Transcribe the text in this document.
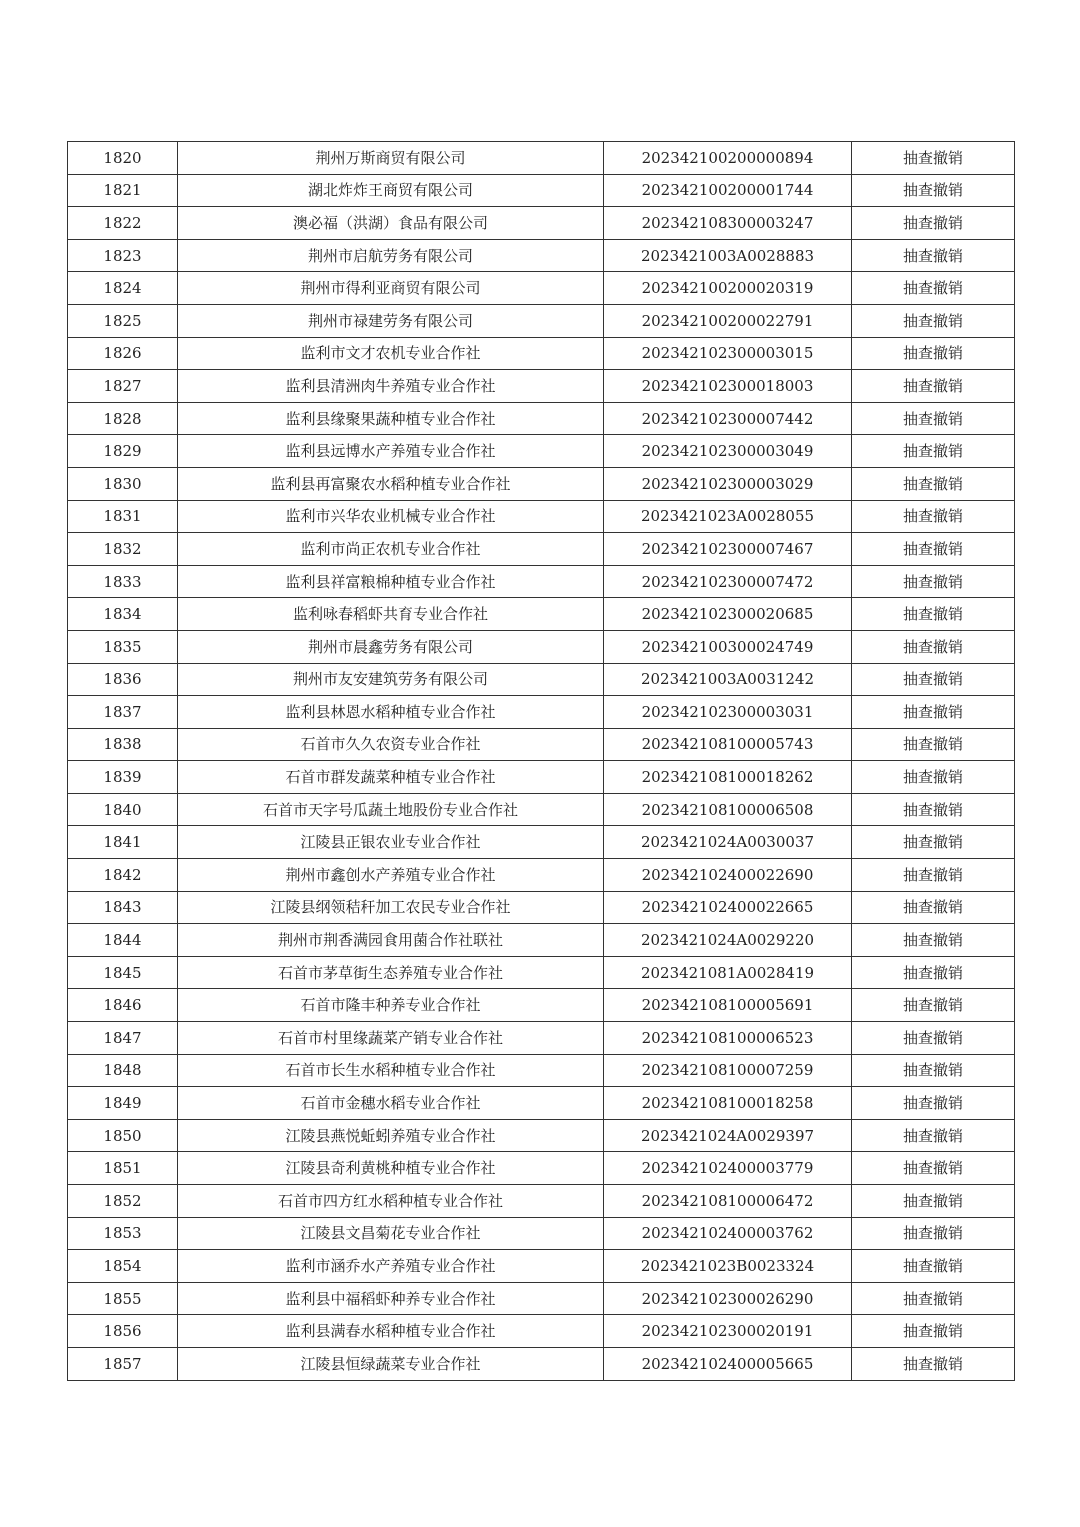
1820	荆州万斯商贸有限公司	202342100200000894	抽查撤销
1821	湖北炸炸王商贸有限公司	202342100200001744	抽查撤销
1822	澳必福（洪湖）食品有限公司	202342108300003247	抽查撤销
1823	荆州市启航劳务有限公司	2023421003A0028883	抽查撤销
1824	荆州市得利亚商贸有限公司	202342100200020319	抽查撤销
1825	荆州市禄建劳务有限公司	202342100200022791	抽查撤销
1826	监利市文才农机专业合作社	202342102300003015	抽查撤销
1827	监利县清洲肉牛养殖专业合作社	202342102300018003	抽查撤销
1828	监利县缘聚果蔬种植专业合作社	202342102300007442	抽查撤销
1829	监利县远博水产养殖专业合作社	202342102300003049	抽查撤销
1830	监利县再富聚农水稻种植专业合作社	202342102300003029	抽查撤销
1831	监利市兴华农业机械专业合作社	2023421023A0028055	抽查撤销
1832	监利市尚正农机专业合作社	202342102300007467	抽查撤销
1833	监利县祥富粮棉种植专业合作社	202342102300007472	抽查撤销
1834	监利咏春稻虾共育专业合作社	202342102300020685	抽查撤销
1835	荆州市晨鑫劳务有限公司	202342100300024749	抽查撤销
1836	荆州市友安建筑劳务有限公司	2023421003A0031242	抽查撤销
1837	监利县林恩水稻种植专业合作社	202342102300003031	抽查撤销
1838	石首市久久农资专业合作社	202342108100005743	抽查撤销
1839	石首市群发蔬菜种植专业合作社	202342108100018262	抽查撤销
1840	石首市天字号瓜蔬土地股份专业合作社	202342108100006508	抽查撤销
1841	江陵县正银农业专业合作社	2023421024A0030037	抽查撤销
1842	荆州市鑫创水产养殖专业合作社	202342102400022690	抽查撤销
1843	江陵县纲领秸秆加工农民专业合作社	202342102400022665	抽查撤销
1844	荆州市荆香满园食用菌合作社联社	2023421024A0029220	抽查撤销
1845	石首市茅草街生态养殖专业合作社	2023421081A0028419	抽查撤销
1846	石首市隆丰种养专业合作社	202342108100005691	抽查撤销
1847	石首市村里缘蔬菜产销专业合作社	202342108100006523	抽查撤销
1848	石首市长生水稻种植专业合作社	202342108100007259	抽查撤销
1849	石首市金穗水稻专业合作社	202342108100018258	抽查撤销
1850	江陵县燕悦蚯蚓养殖专业合作社	2023421024A0029397	抽查撤销
1851	江陵县奇利黄桃种植专业合作社	202342102400003779	抽查撤销
1852	石首市四方红水稻种植专业合作社	202342108100006472	抽查撤销
1853	江陵县文昌菊花专业合作社	202342102400003762	抽查撤销
1854	监利市涵乔水产养殖专业合作社	2023421023B0023324	抽查撤销
1855	监利县中福稻虾种养专业合作社	202342102300026290	抽查撤销
1856	监利县满春水稻种植专业合作社	202342102300020191	抽查撤销
1857	江陵县恒绿蔬菜专业合作社	202342102400005665	抽查撤销
